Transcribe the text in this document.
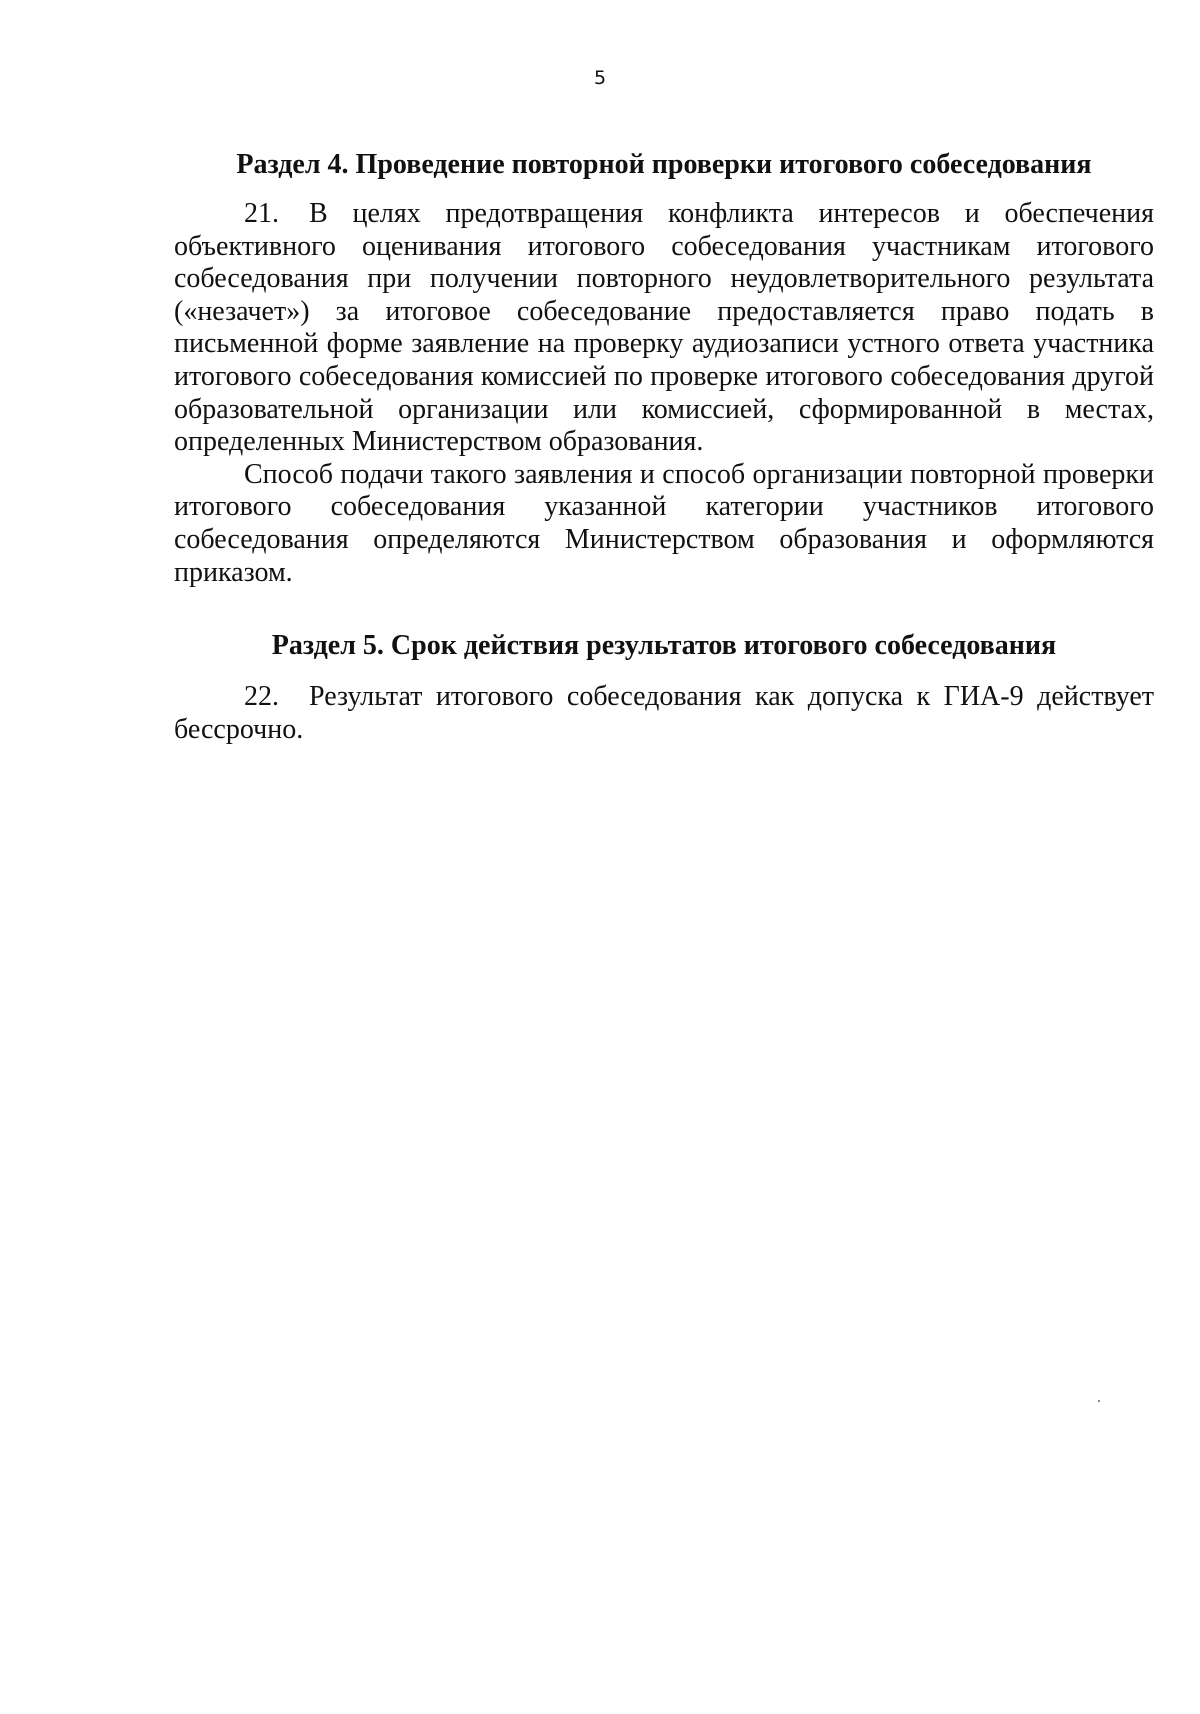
5
Раздел 4. Проведение повторной проверки итогового собеседования

21. В целях предотвращения конфликта интересов и обеспечения объективного оценивания итогового собеседования участникам итогового собеседования при получении повторного неудовлетворительного результата («незачет») за итоговое собеседование предоставляется право подать в письменной форме заявление на проверку аудиозаписи устного ответа участника итогового собеседования комиссией по проверке итогового собеседования другой образовательной организации или комиссией, сформированной в местах, определенных Министерством образования.

Способ подачи такого заявления и способ организации повторной проверки итогового собеседования указанной категории участников итогового собеседования определяются Министерством образования и оформляются приказом.

Раздел 5. Срок действия результатов итогового собеседования

22. Результат итогового собеседования как допуска к ГИА-9 действует бессрочно.
